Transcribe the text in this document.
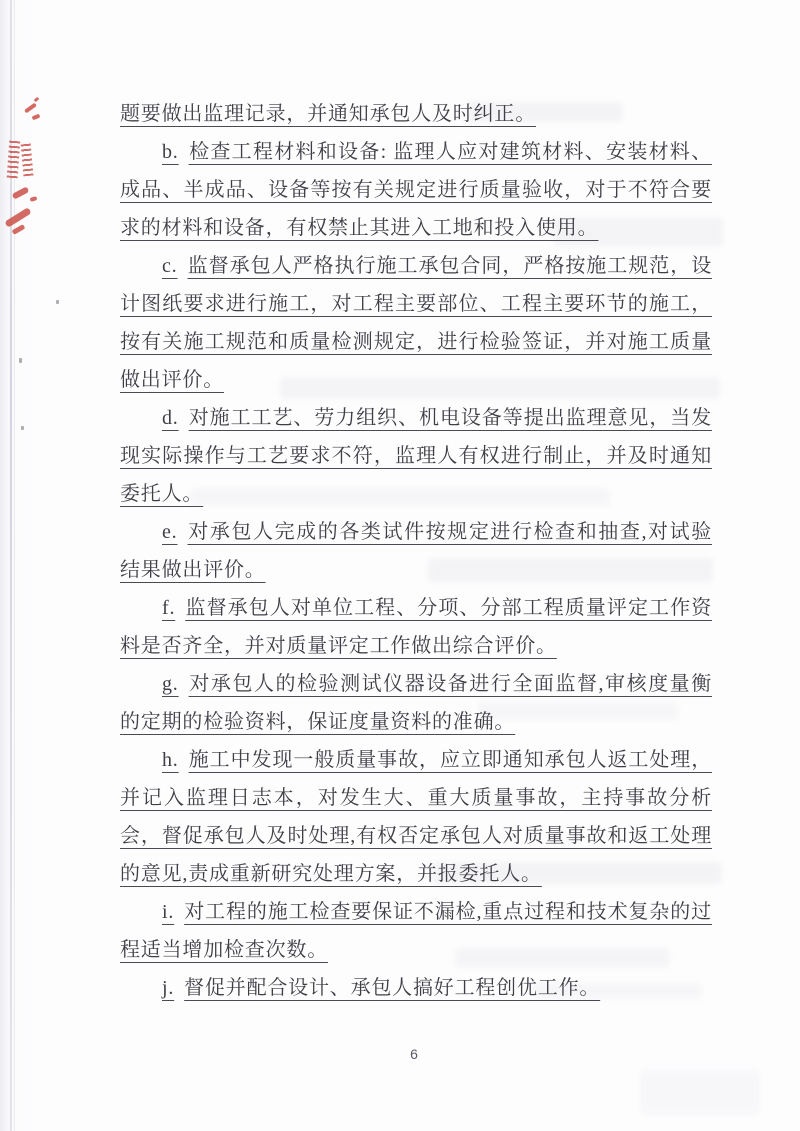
题要做出监理记录，并通知承包人及时纠正。

b. 检查工程材料和设备: 监理人应对建筑材料、安装材料、成品、半成品、设备等按有关规定进行质量验收，对于不符合要求的材料和设备，有权禁止其进入工地和投入使用。

c. 监督承包人严格执行施工承包合同，严格按施工规范，设计图纸要求进行施工，对工程主要部位、工程主要环节的施工，按有关施工规范和质量检测规定，进行检验签证，并对施工质量做出评价。

d. 对施工工艺、劳力组织、机电设备等提出监理意见，当发现实际操作与工艺要求不符，监理人有权进行制止，并及时通知委托人。

e. 对承包人完成的各类试件按规定进行检查和抽查,对试验结果做出评价。

f. 监督承包人对单位工程、分项、分部工程质量评定工作资料是否齐全，并对质量评定工作做出综合评价。

g. 对承包人的检验测试仪器设备进行全面监督,审核度量衡的定期的检验资料，保证度量资料的准确。

h. 施工中发现一般质量事故，应立即通知承包人返工处理，并记入监理日志本，对发生大、重大质量事故，主持事故分析会，督促承包人及时处理,有权否定承包人对质量事故和返工处理的意见,责成重新研究处理方案，并报委托人。

i. 对工程的施工检查要保证不漏检,重点过程和技术复杂的过程适当增加检查次数。

j. 督促并配合设计、承包人搞好工程创优工作。

6
